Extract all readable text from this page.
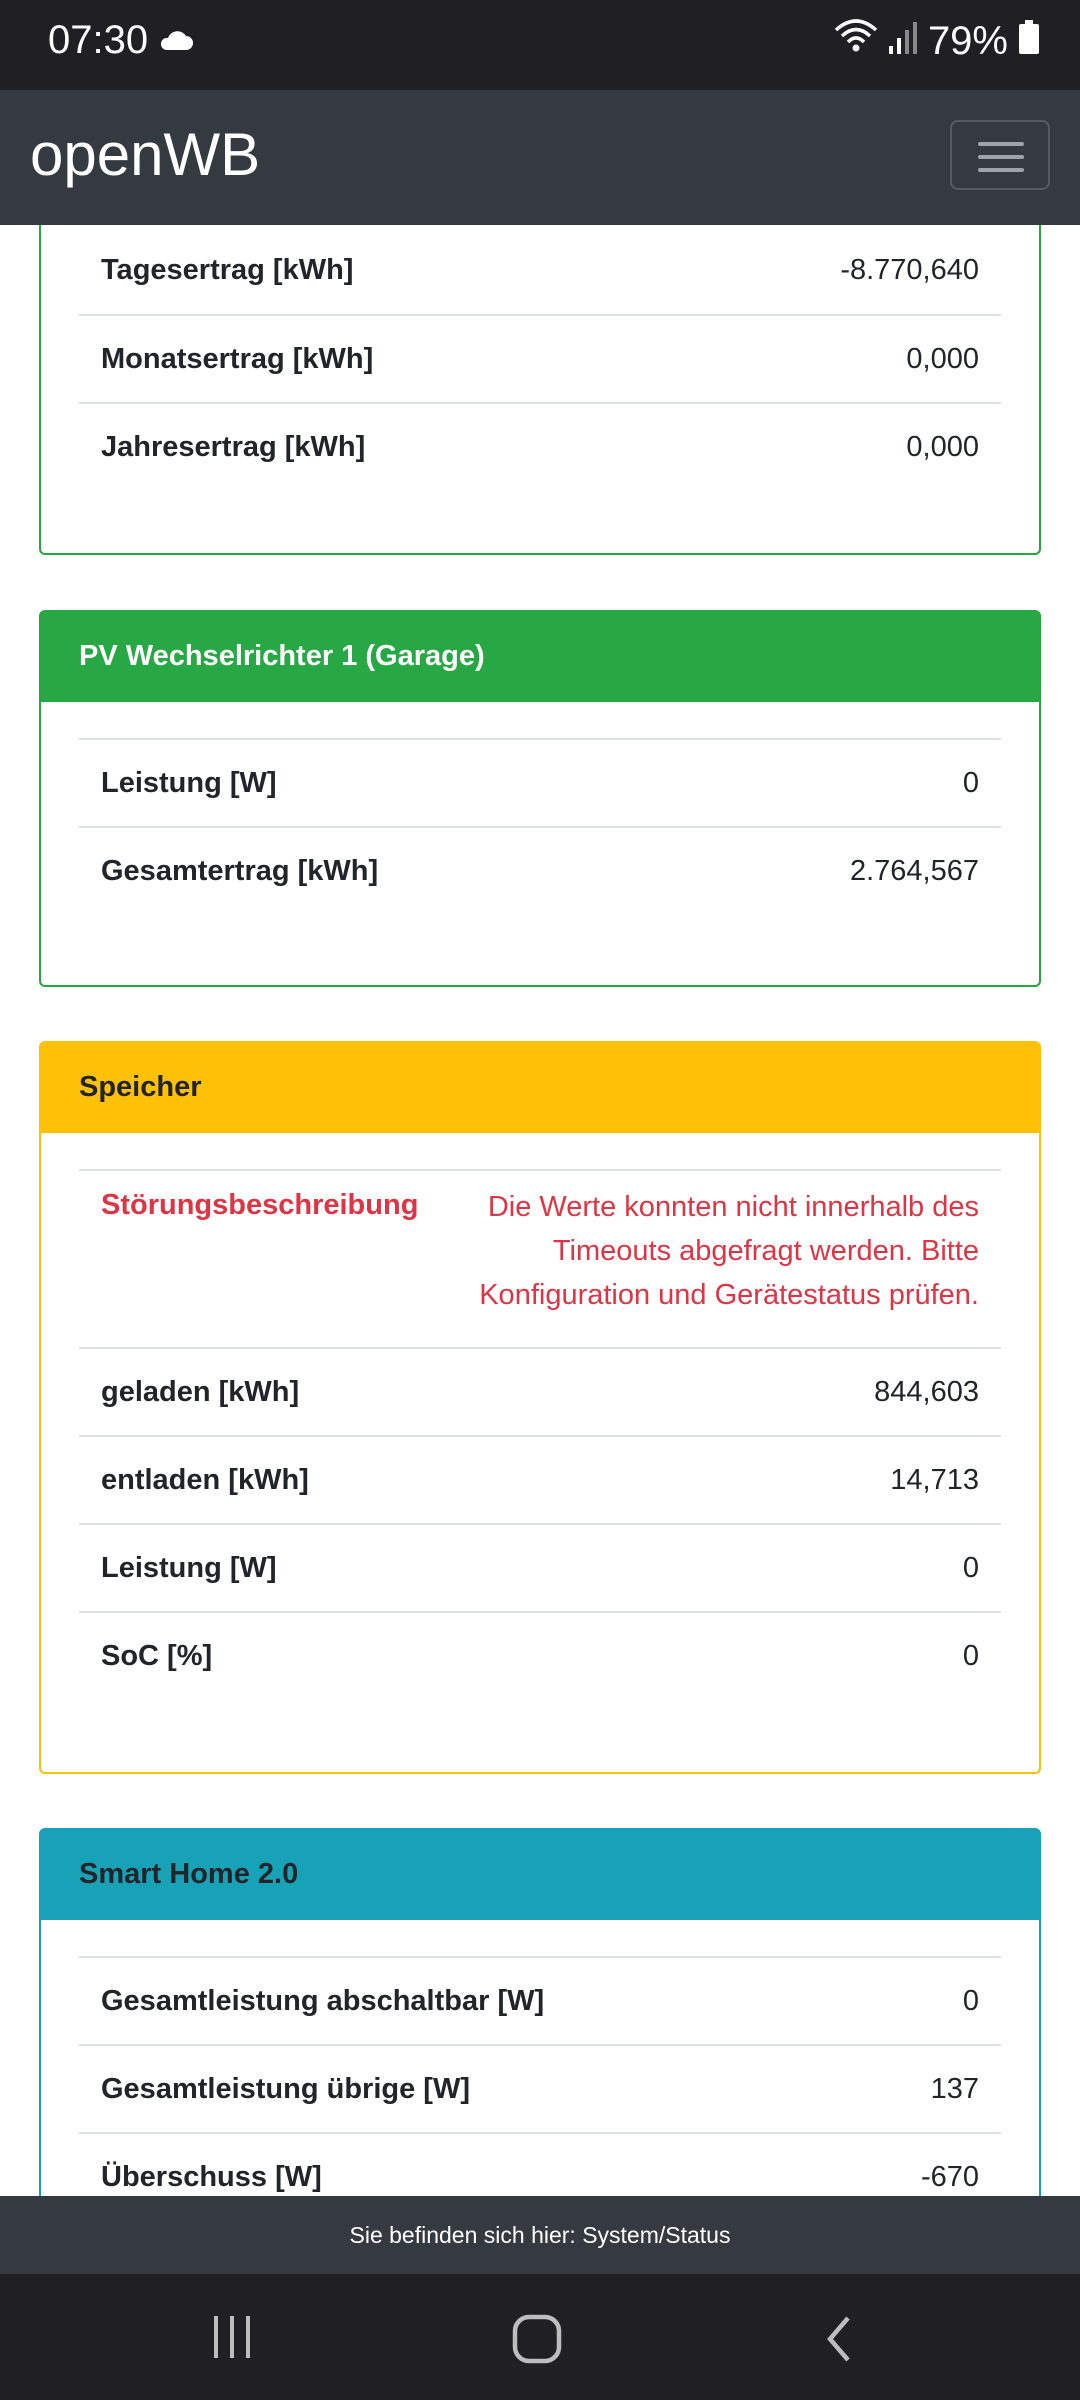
Tagesertrag [kWh]	-8.770,640
Monatsertrag [kWh]	0,000
Jahresertrag [kWh]	0,000
PV Wechselrichter 1 (Garage)
Leistung [W]	0
Gesamtertrag [kWh]	2.764,567
Speicher
Störungsbeschreibung	Die Werte konnten nicht innerhalb des Timeouts abgefragt werden. Bitte Konfiguration und Gerätestatus prüfen.
geladen [kWh]	844,603
entladen [kWh]	14,713
Leistung [W]	0
SoC [%]	0
Smart Home 2.0
Gesamtleistung abschaltbar [W]	0
Gesamtleistung übrige [W]	137
Überschuss [W]	-670
07:30	79%
openWB
Sie befinden sich hier: System/Status
